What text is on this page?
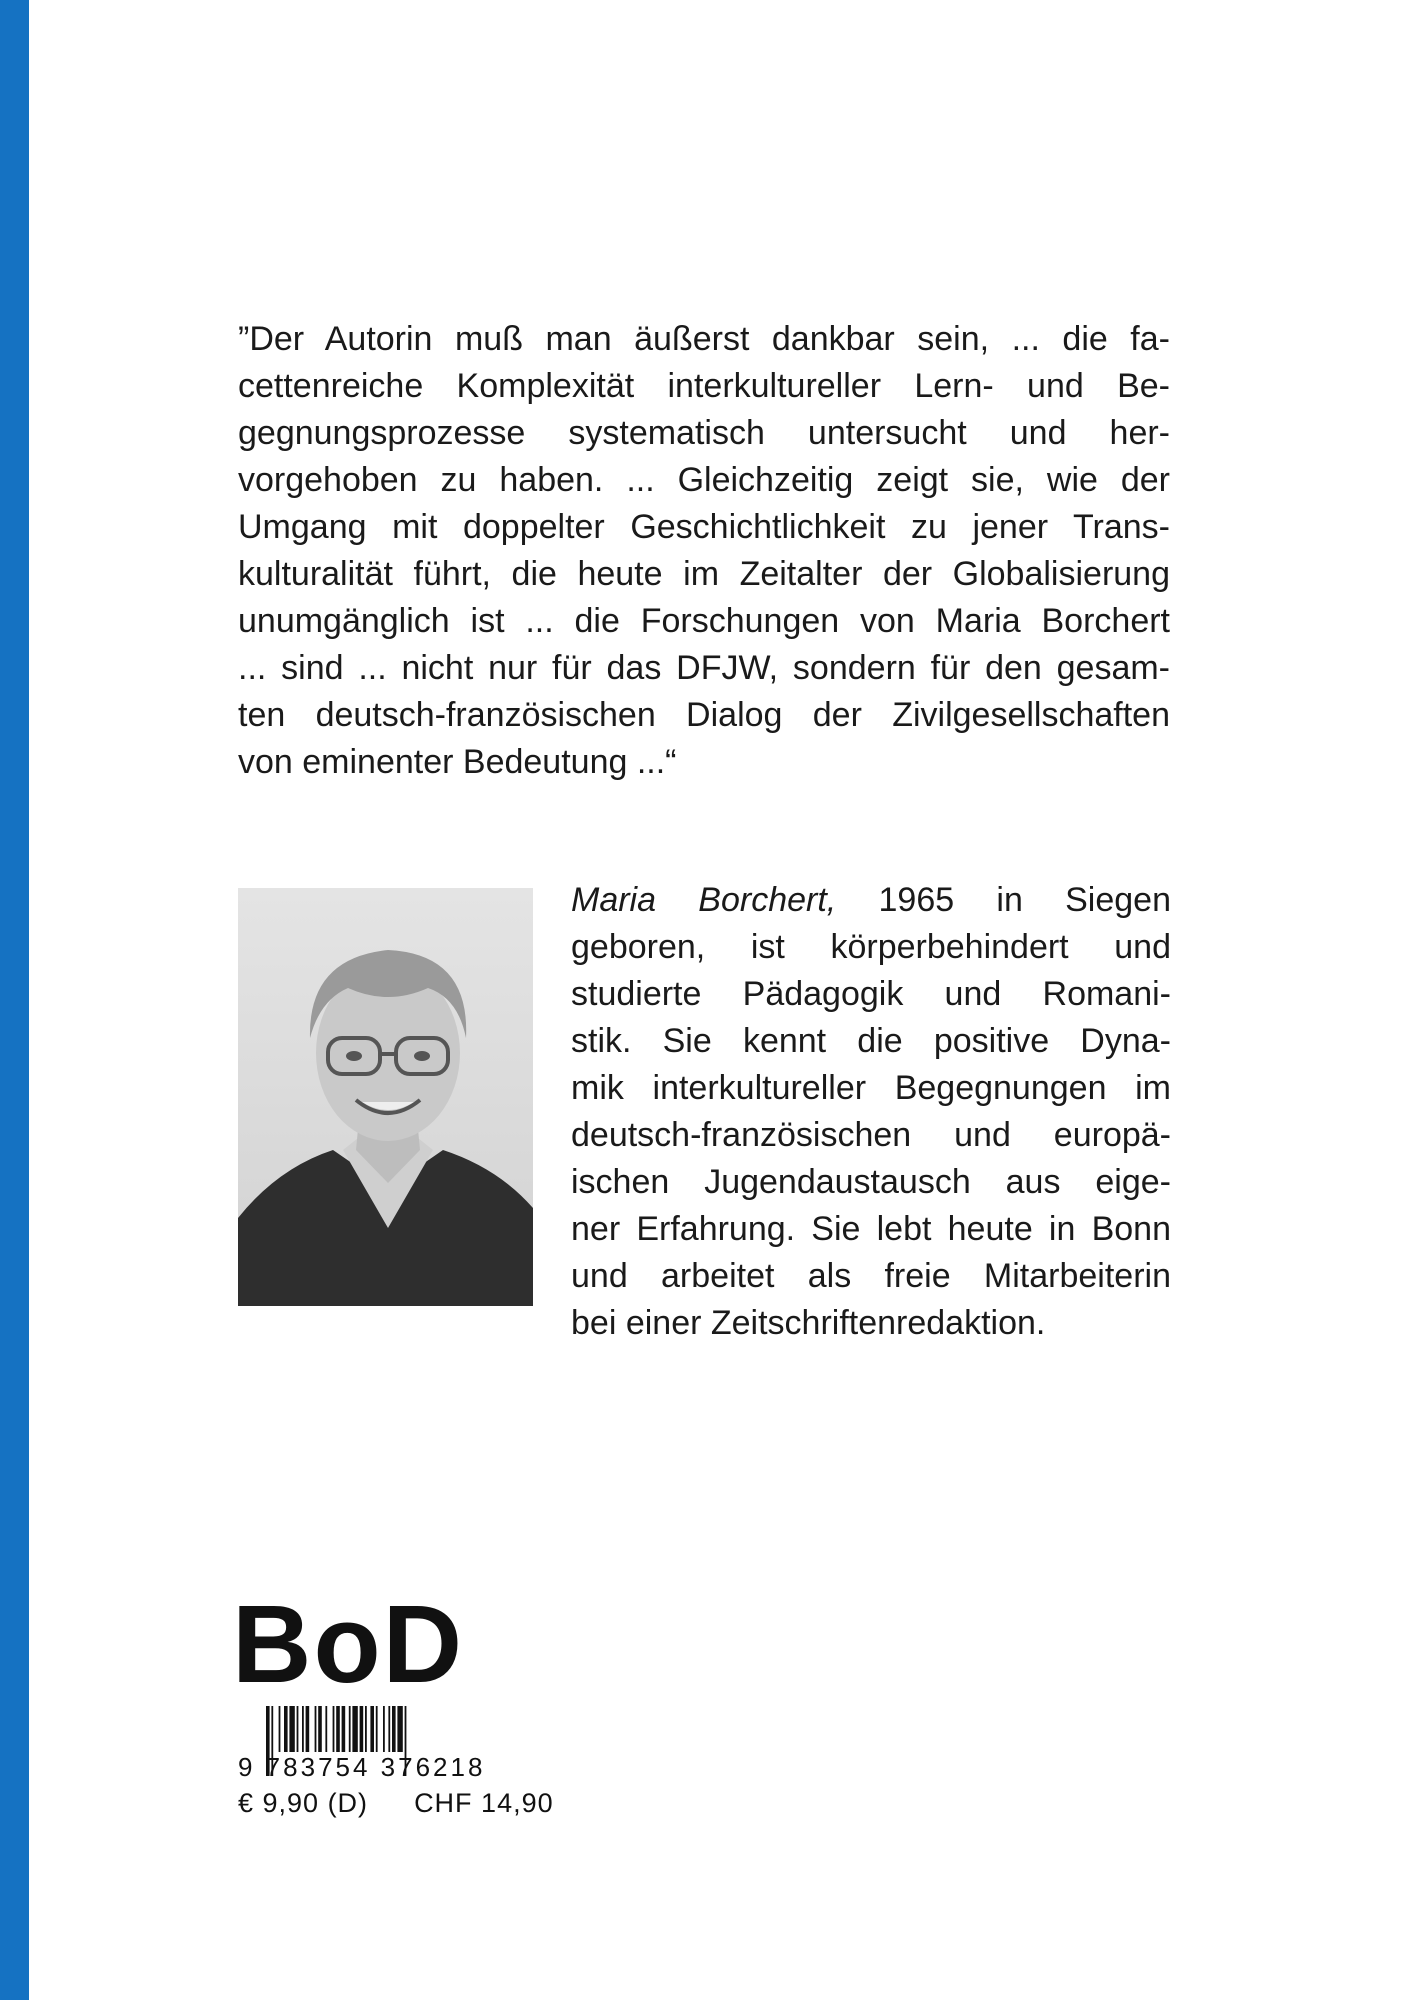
”Der Autorin muß man äußerst dankbar sein, ... die fa-
cettenreiche Komplexität interkultureller Lern- und Be-
gegnungsprozesse systematisch untersucht und her-
vorgehoben zu haben. ... Gleichzeitig zeigt sie, wie der
Umgang mit doppelter Geschichtlichkeit zu jener Trans-
kulturalität führt, die heute im Zeitalter der Globalisierung
unumgänglich ist ... die Forschungen von Maria Borchert
... sind ... nicht nur für das DFJW, sondern für den gesam-
ten deutsch-französischen Dialog der Zivilgesellschaften
von eminenter Bedeutung ...“
Maria Borchert, 1965 in Siegen
geboren, ist körperbehindert und
studierte Pädagogik und Romani-
stik. Sie kennt die positive Dyna-
mik interkultureller Begegnungen im
deutsch-französischen und europä-
ischen Jugendaustausch aus eige-
ner Erfahrung. Sie lebt heute in Bonn
und arbeitet als freie Mitarbeiterin
bei einer Zeitschriftenredaktion.
BoD
9 783754 376218
€ 9,90 (D) CHF 14,90
